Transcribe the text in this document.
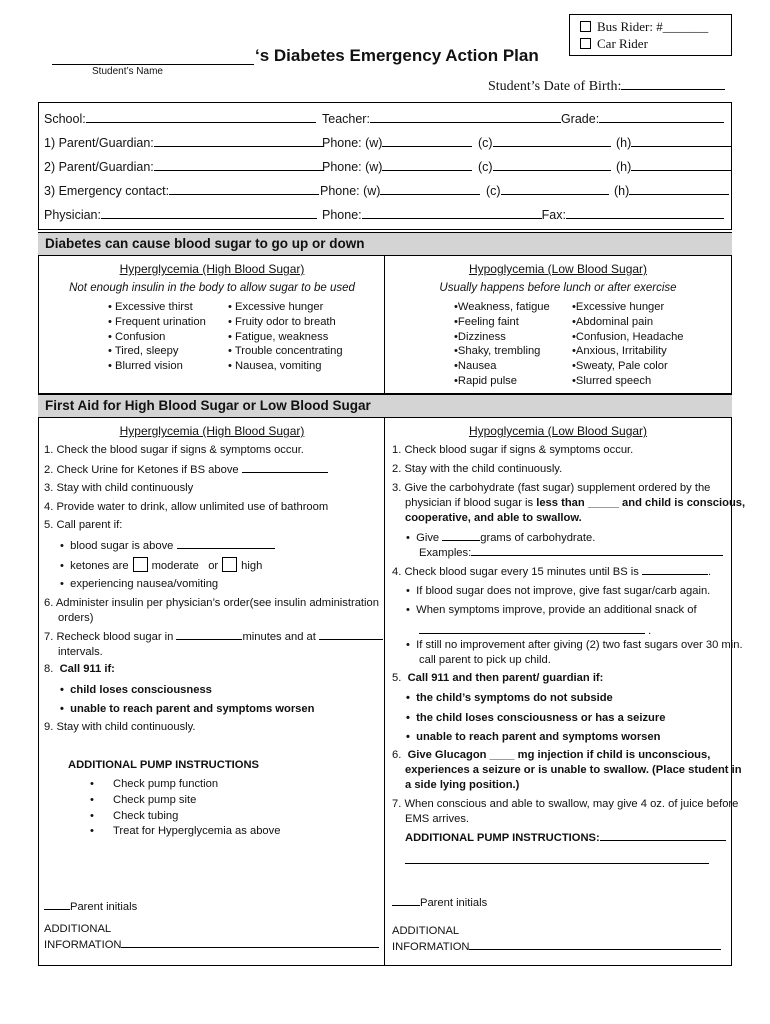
Bus Rider: #_______
Car Rider
‘s Diabetes Emergency Action Plan
Student’s Name
Student’s Date of Birth:
School:	Teacher:	Grade:
1) Parent/Guardian:	Phone: (w)	(c)	(h)
2) Parent/Guardian:	Phone: (w)	(c)	(h)
3) Emergency contact:	Phone: (w)	(c)	(h)
Physician:	Phone:	Fax:
Diabetes can cause blood sugar to go up or down
Hyperglycemia (High Blood Sugar)
Not enough insulin in the body to allow sugar to be used
• Excessive thirst
• Frequent urination
• Confusion
• Tired, sleepy
• Blurred vision
• Excessive hunger
• Fruity odor to breath
• Fatigue, weakness
• Trouble concentrating
• Nausea, vomiting
Hypoglycemia (Low Blood Sugar)
Usually happens before lunch or after exercise
•Weakness, fatigue
•Feeling faint
•Dizziness
•Shaky, trembling
•Nausea
•Rapid pulse
•Excessive hunger
•Abdominal pain
•Confusion, Headache
•Anxious, Irritability
•Sweaty, Pale color
•Slurred speech
First Aid for High Blood Sugar or Low Blood Sugar
Hyperglycemia (High Blood Sugar)
1. Check the blood sugar if signs & symptoms occur.
2. Check Urine for Ketones if BS above
3. Stay with child continuously
4. Provide water to drink, allow unlimited use of bathroom
5. Call parent if:
•  blood sugar is above
•  ketones are moderate or high
•  experiencing nausea/vomiting
6. Administer insulin per physician’s order(see insulin administration
orders)
7. Recheck blood sugar in	minutes and at
intervals.
8. Call 911 if:
•  child loses consciousness
•  unable to reach parent and symptoms worsen
9. Stay with child continuously.
ADDITIONAL PUMP INSTRUCTIONS
• Check pump function
• Check pump site
• Check tubing
• Treat for Hyperglycemia as above
Parent initials
ADDITIONAL
INFORMATION
Hypoglycemia (Low Blood Sugar)
1. Check blood sugar if signs & symptoms occur.
2. Stay with the child continuously.
3. Give the carbohydrate (fast sugar) supplement ordered by the
physician if blood sugar is less than _____ and child is conscious,
cooperative, and able to swallow.
•  Give	grams of carbohydrate.
Examples:
4. Check blood sugar every 15 minutes until BS is	.
•  If blood sugar does not improve, give fast sugar/carb again.
•  When symptoms improve, provide an additional snack of
.
•  If still no improvement after giving (2) two fast sugars over 30 min.
call parent to pick up child.
5. Call 911 and then parent/ guardian if:
•  the child’s symptoms do not subside
•  the child loses consciousness or has a seizure
•  unable to reach parent and symptoms worsen
6. Give Glucagon ____ mg injection if child is unconscious,
experiences a seizure or is unable to swallow. (Place student in
a side lying position.)
7. When conscious and able to swallow, may give 4 oz. of juice before
EMS arrives.
ADDITIONAL PUMP INSTRUCTIONS:
Parent initials
ADDITIONAL
INFORMATION
